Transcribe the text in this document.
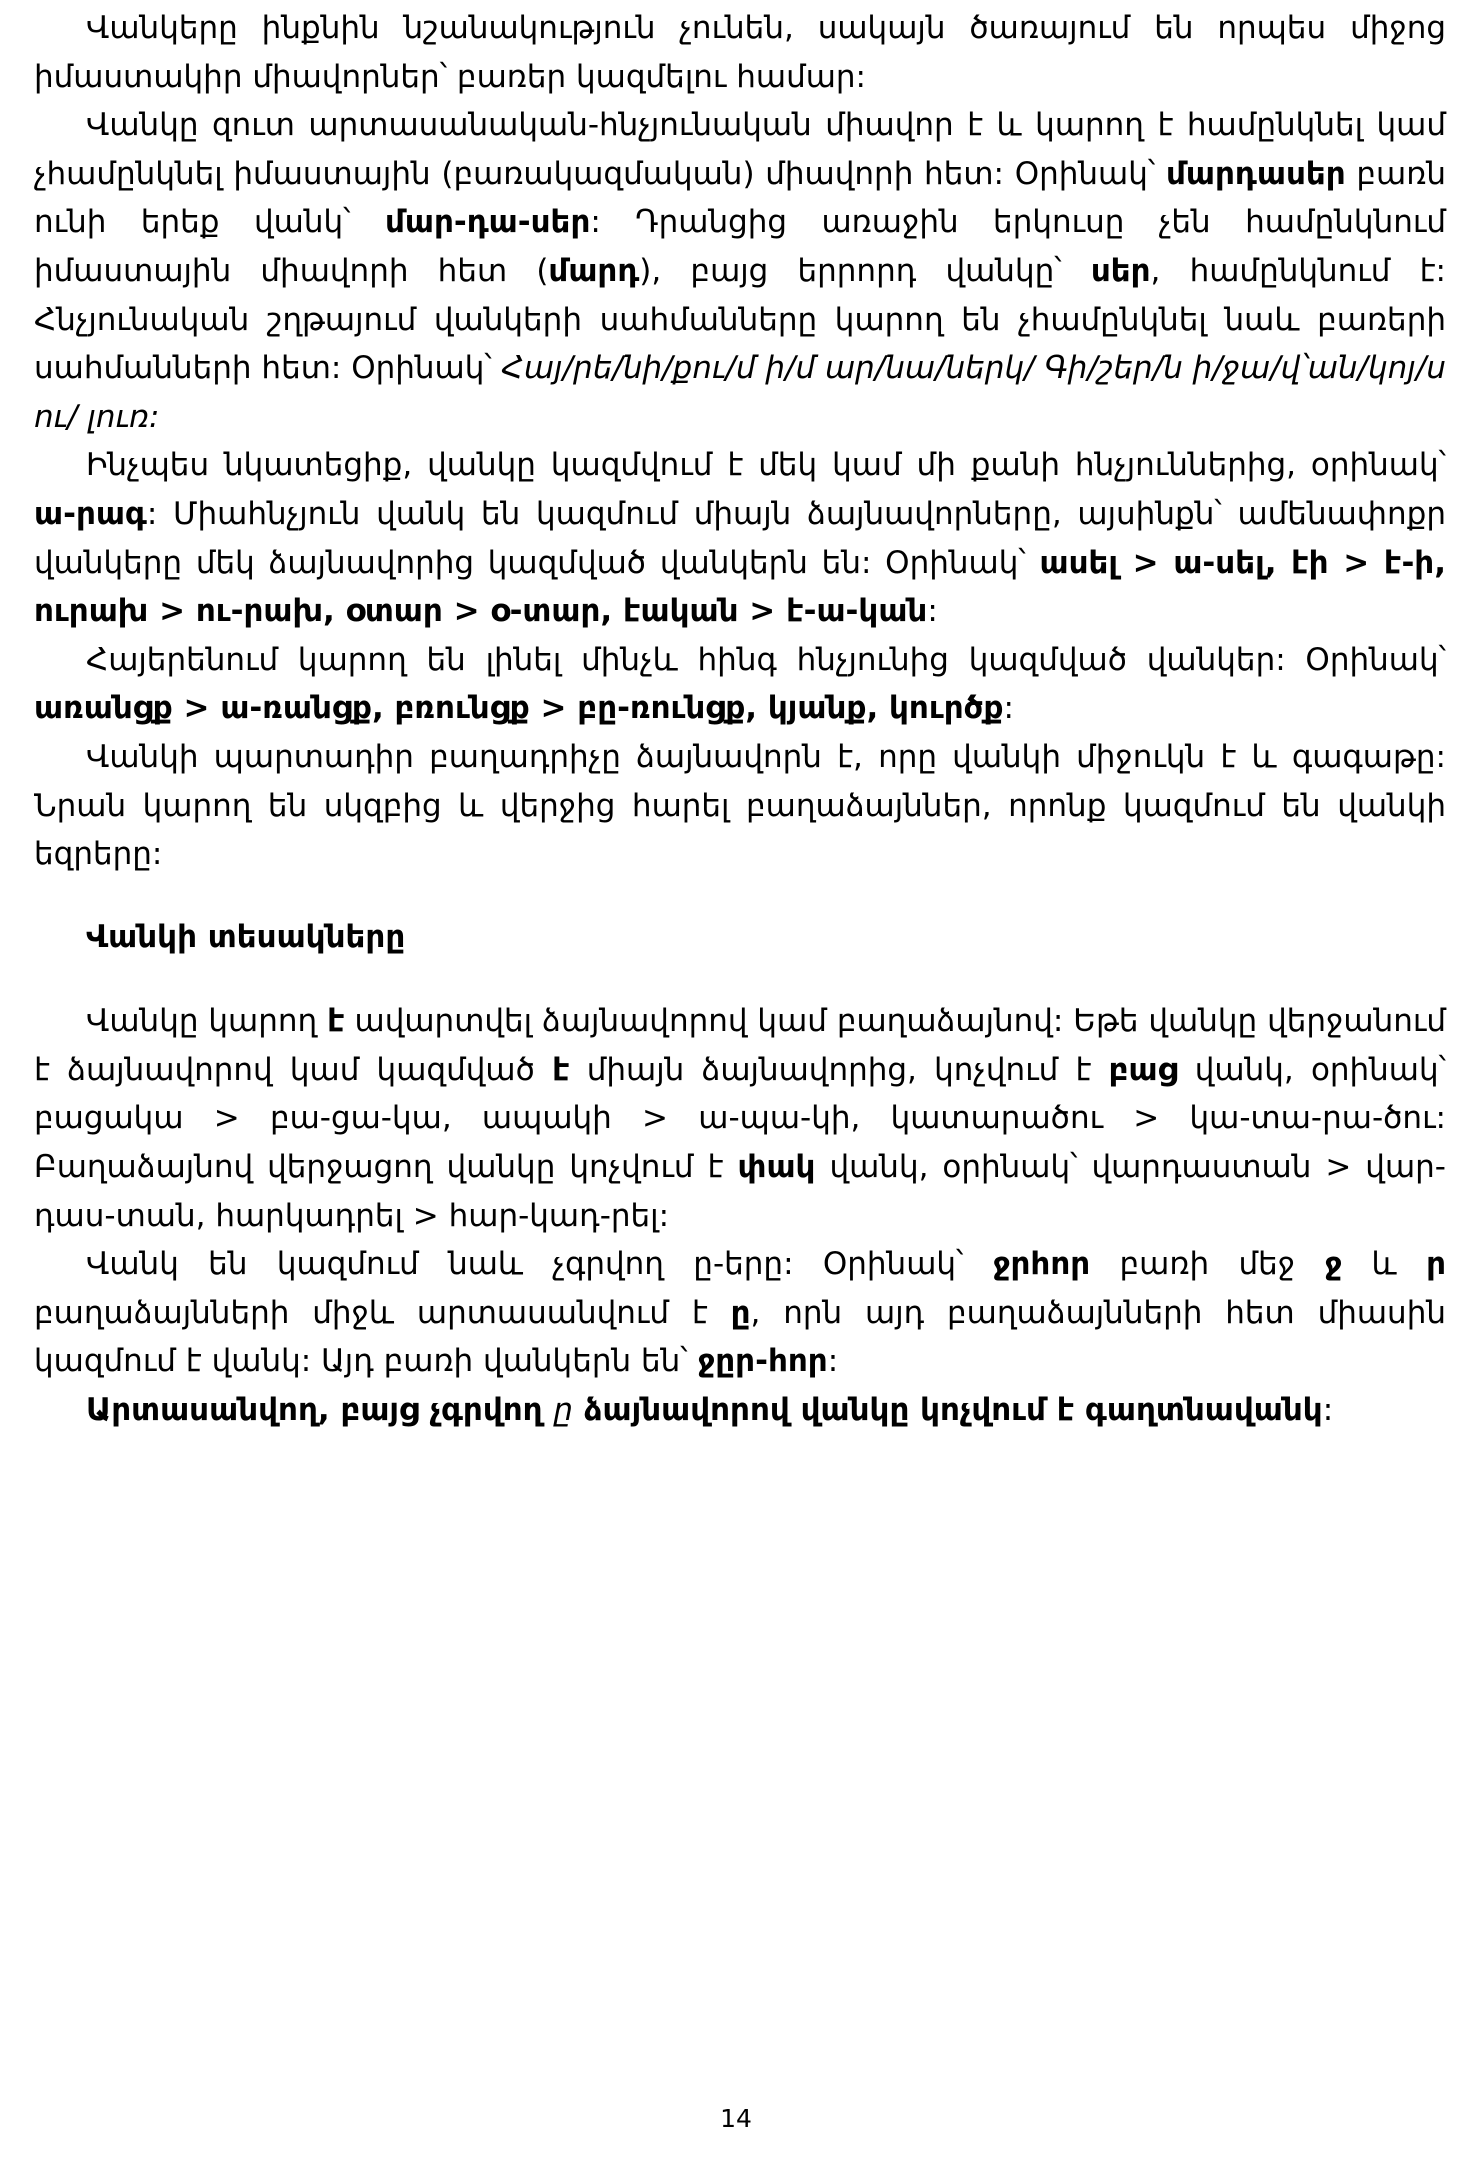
Վանկերը ինքնին նշանակություն չունեն, սակայն ծառայում են որպես միջոց իմաստակիր միավորներ՝ բառեր կազմելու համար:

Վանկը զուտ արտասանական-հնչյունական միավոր է և կարող է համընկնել կամ չհամընկնել իմաստային (բառակազմական) միավորի հետ: Օրինակ՝ մարդասեր բառն ունի երեք վանկ՝ մար-դա-սեր: Դրանցից առաջին երկուսը չեն համընկնում իմաստային միավորի հետ (մարդ), բայց երրորդ վանկը՝ սեր, համընկնում է: Հնչյունական շղթայում վանկերի սահմանները կարող են չհամընկնել նաև բառերի սահմանների հետ: Օրինակ՝ Հայ/րե/նի/քու/մ ի/մ ար/նա/ներկ/ Գի/շեր/ն ի/ջա/վ՝ան/կոյ/ս ու/ լուռ:

Ինչպես նկատեցիք, վանկը կազմվում է մեկ կամ մի քանի հնչյուններից, օրինակ՝ ա-րագ: Միահնչյուն վանկ են կազմում միայն ձայնավորները, այսինքն՝ ամենափոքր վանկերը մեկ ձայնավորից կազմված վանկերն են: Օրինակ՝ ասել > ա-սել, էի > է-ի, ուրախ > ու-րախ, օտար > օ-տար, էական > է-ա-կան:

Հայերենում կարող են լինել մինչև հինգ հնչյունից կազմված վանկեր: Օրինակ՝ առանցք > ա-ռանցք, բռունցք > բը-ռունցք, կյանք, կուրծք:

Վանկի պարտադիր բաղադրիչը ձայնավորն է, որը վանկի միջուկն է և գագաթը: Նրան կարող են սկզբից և վերջից հարել բաղաձայններ, որոնք կազմում են վանկի եզրերը:

Վանկի տեսակները

Վանկը կարող է ավարտվել ձայնավորով կամ բաղաձայնով: Եթե վանկը վերջանում է ձայնավորով կամ կազմված է միայն ձայնավորից, կոչվում է բաց վանկ, օրինակ՝ բացակա > բա-ցա-կա, ապակի > ա-պա-կի, կատարածու > կա-տա-րա-ծու: Բաղաձայնով վերջացող վանկը կոչվում է փակ վանկ, օրինակ՝ վարդաստան > վար-դաս-տան, հարկադրել > հար-կադ-րել:

Վանկ են կազմում նաև չգրվող ը-երը: Օրինակ՝ ջրհոր բառի մեջ ջ և ր բաղաձայնների միջև արտասանվում է ը, որն այդ բաղաձայնների հետ միասին կազմում է վանկ: Այդ բառի վանկերն են՝ ջըր-հոր:

Արտասանվող, բայց չգրվող ը ձայնավորով վանկը կոչվում է գաղտնավանկ:

14
